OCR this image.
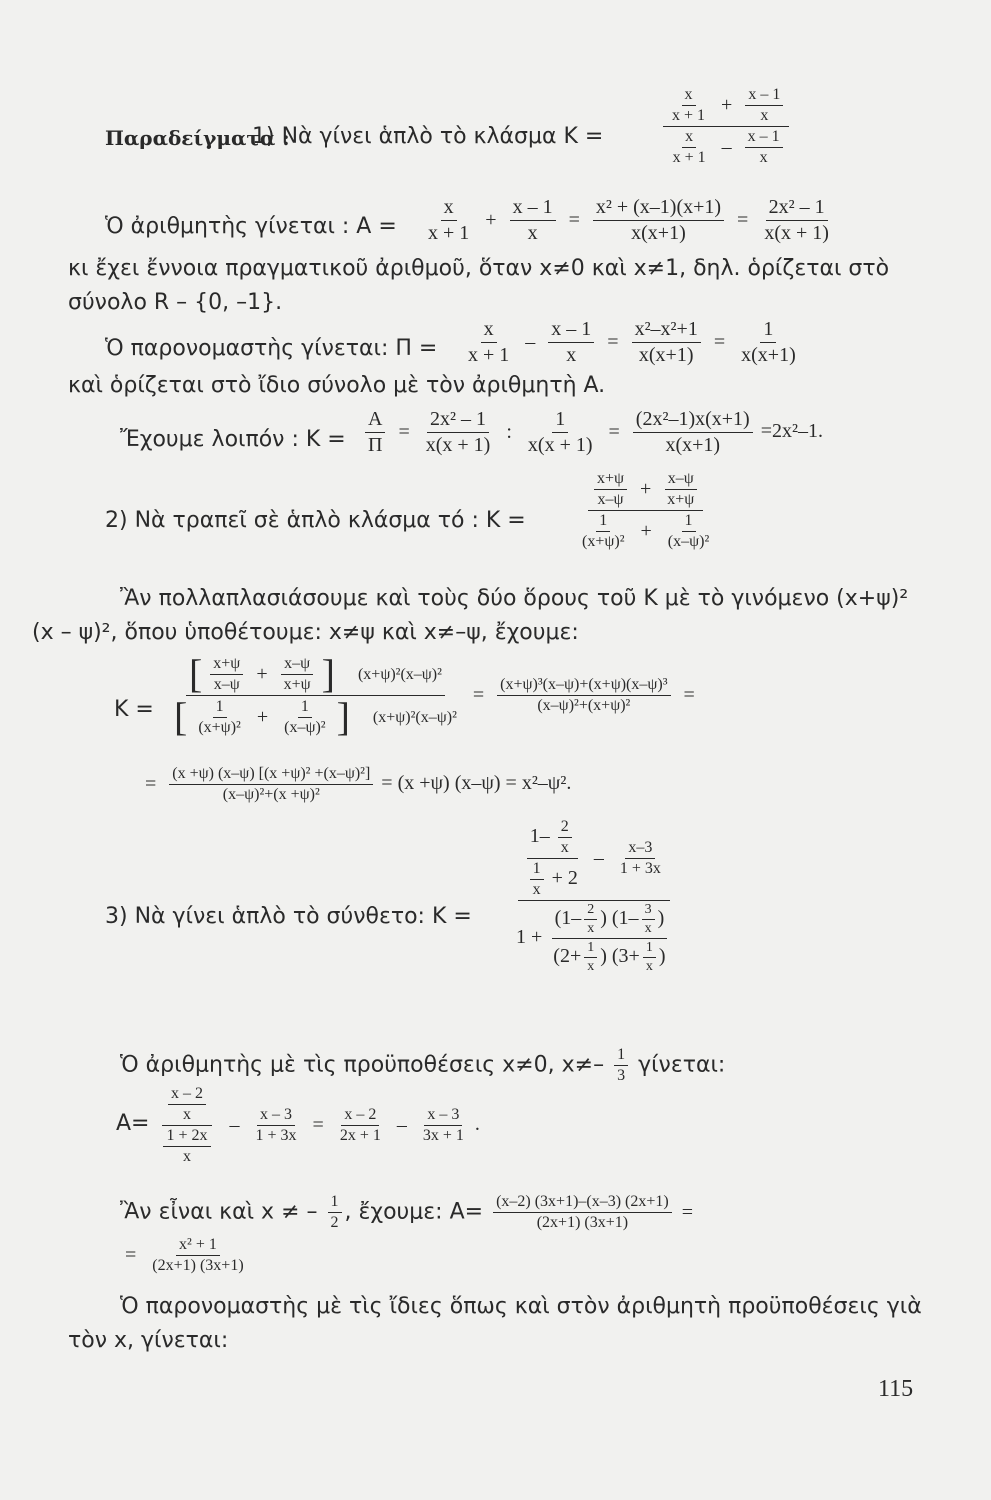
Παραδείγματα :
1) Νὰ γίνει ἁπλὸ τὸ κλάσμα K =	$\frac{\frac{x}{x + 1} + \frac{x - 1}{x}}{\frac{x}{x + 1} - \frac{x - 1}{x}}$
Ὁ ἀριθμητὴς γίνεται : $A = \frac{x}{x + 1} + \frac{x - 1}{x} = \frac{\text{x² + (x–1)(x+1)}}{x(x+1)} = \frac{\text{2x² – 1}}{x(x + 1)}$
κι ἔχει ἔννοια πραγματικοῦ ἀριθμοῦ, ὅταν x≠0 καὶ x≠1, δηλ. ὁρίζεται στὸ
σύνολο R – {0, –1}.
Ὁ παρονομαστὴς γίνεται: $\Pi = \frac{x}{x + 1} - \frac{x - 1}{x} = \frac{\text{x²–x²+1}}{x(x+1)} = \frac{1}{x(x+1)}$
καὶ ὁρίζεται στὸ ἴδιο σύνολο μὲ τὸν ἀριθμητὴ A.
Ἔχουμε λοιπόν : $K = \frac{A}{\Pi} = \frac{\text{2x² – 1}}{x(x + 1)}$ : $\frac{1}{x(x + 1)} = \frac{\text{(2x²–1)x(x+1)}}{x(x+1)} =2x^2-1$.
2) Νὰ τραπεῖ σὲ ἁπλὸ κλάσμα τό : K =	$\frac{\frac{x+\psi}{x-\psi} + \frac{x-\psi}{x+\psi}}{\frac{1}{\text{(x+ψ)²}} + \frac{1}{\text{(x–ψ)²}}}$
Ἂν πολλαπλασιάσουμε καὶ τοὺς δύο ὅρους τοῦ K μὲ τὸ γινόμενο (x+ψ)²
(x – ψ)², ὅπου ὑποθέτουμε: x≠ψ καὶ x≠–ψ, ἔχουμε:
K =
[ $\frac{x+\psi}{x-\psi} + \frac{x-\psi}{x+\psi}$ ] (x+ψ)²(x–ψ)²
[ $\frac{1}{\text{(x+ψ)²}} + \frac{1}{\text{(x–ψ)²}}$ ] (x+ψ)²(x–ψ)²
= $\frac{\text{(x+ψ)³(x–ψ)+(x+ψ)(x–ψ)³}}{\text{(x–ψ)²+(x+ψ)²}}$ =
= $\frac{\text{(x +ψ) (x–ψ) [(x +ψ)² +(x–ψ)²]}}{\text{(x–ψ)²+(x +ψ)²}} = (x +\psi) (x-\psi) = x^2-\psi^2$.
3) Νὰ γίνει ἁπλὸ τὸ σύνθετο: K =
$\frac{1- \frac{2}{x}}{\frac{1}{x} + 2} - \frac{x-3}{1 + 3x}$
$1 + \frac{(1- \frac{2}{x} ) (1- \frac{3}{x} )}{(2+ \frac{1}{x} ) (3+ \frac{1}{x} )}$
Ὁ ἀριθμητὴς μὲ τὶς προϋποθέσεις x≠0, $x\ne- \frac{1}{3} \gamma ί\nu\varepsilon\tau\alpha\iota$:
$A= \frac{\frac{x - 2}{x}}{\frac{1 + 2x}{x}} - \frac{x - 3}{1 + 3x} = \frac{x - 2}{2x + 1} - \frac{x - 3}{3x + 1}$ .
Ἂν εἶναι καὶ x ≠ – $\frac{1}{2}$ , ἔχουμε: $A= \frac{(x-2) (3x+1)-(x-3) (2x+1)}{(2x+1) (3x+1)}$ =
= $\frac{\text{x² + 1}}{(2x+1) (3x+1)}$
Ὁ παρονομαστὴς μὲ τὶς ἴδιες ὅπως καὶ στὸν ἀριθμητὴ προϋποθέσεις γιὰ
τὸν x, γίνεται:
115
